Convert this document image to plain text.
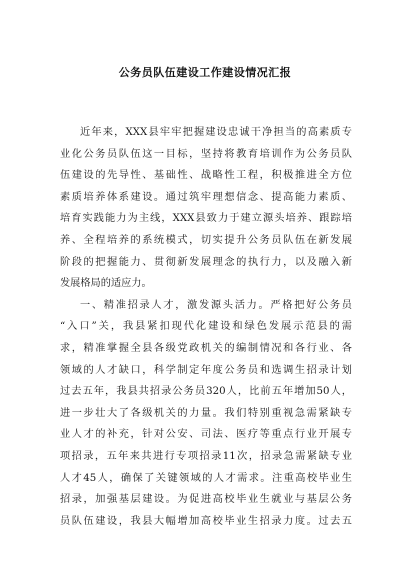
公务员队伍建设工作建设情况汇报
近年来，XXX县牢牢把握建设忠诚干净担当的高素质专
业化公务员队伍这一目标，坚持将教育培训作为公务员队
伍建设的先导性、基础性、战略性工程，积极推进全方位
素质培养体系建设。通过筑牢理想信念、提高能力素质、
培育实践能力为主线，XXX县致力于建立源头培养、跟踪培
养、全程培养的系统模式，切实提升公务员队伍在新发展
阶段的把握能力、贯彻新发展理念的执行力，以及融入新
发展格局的适应力。
一、精准招录人才，激发源头活力。严格把好公务员
“入口”关，我县紧扣现代化建设和绿色发展示范县的需
求，精准掌握全县各级党政机关的编制情况和各行业、各
领域的人才缺口，科学制定年度公务员和选调生招录计划
过去五年，我县共招录公务员320人，比前五年增加50人，
进一步壮大了各级机关的力量。我们特别重视急需紧缺专
业人才的补充，针对公安、司法、医疗等重点行业开展专
项招录，五年来共进行专项招录11次，招录急需紧缺专业
人才45人，确保了关键领域的人才需求。注重高校毕业生
招录，加强基层建设。为促进高校毕业生就业与基层公务
员队伍建设，我县大幅增加高校毕业生招录力度。过去五
